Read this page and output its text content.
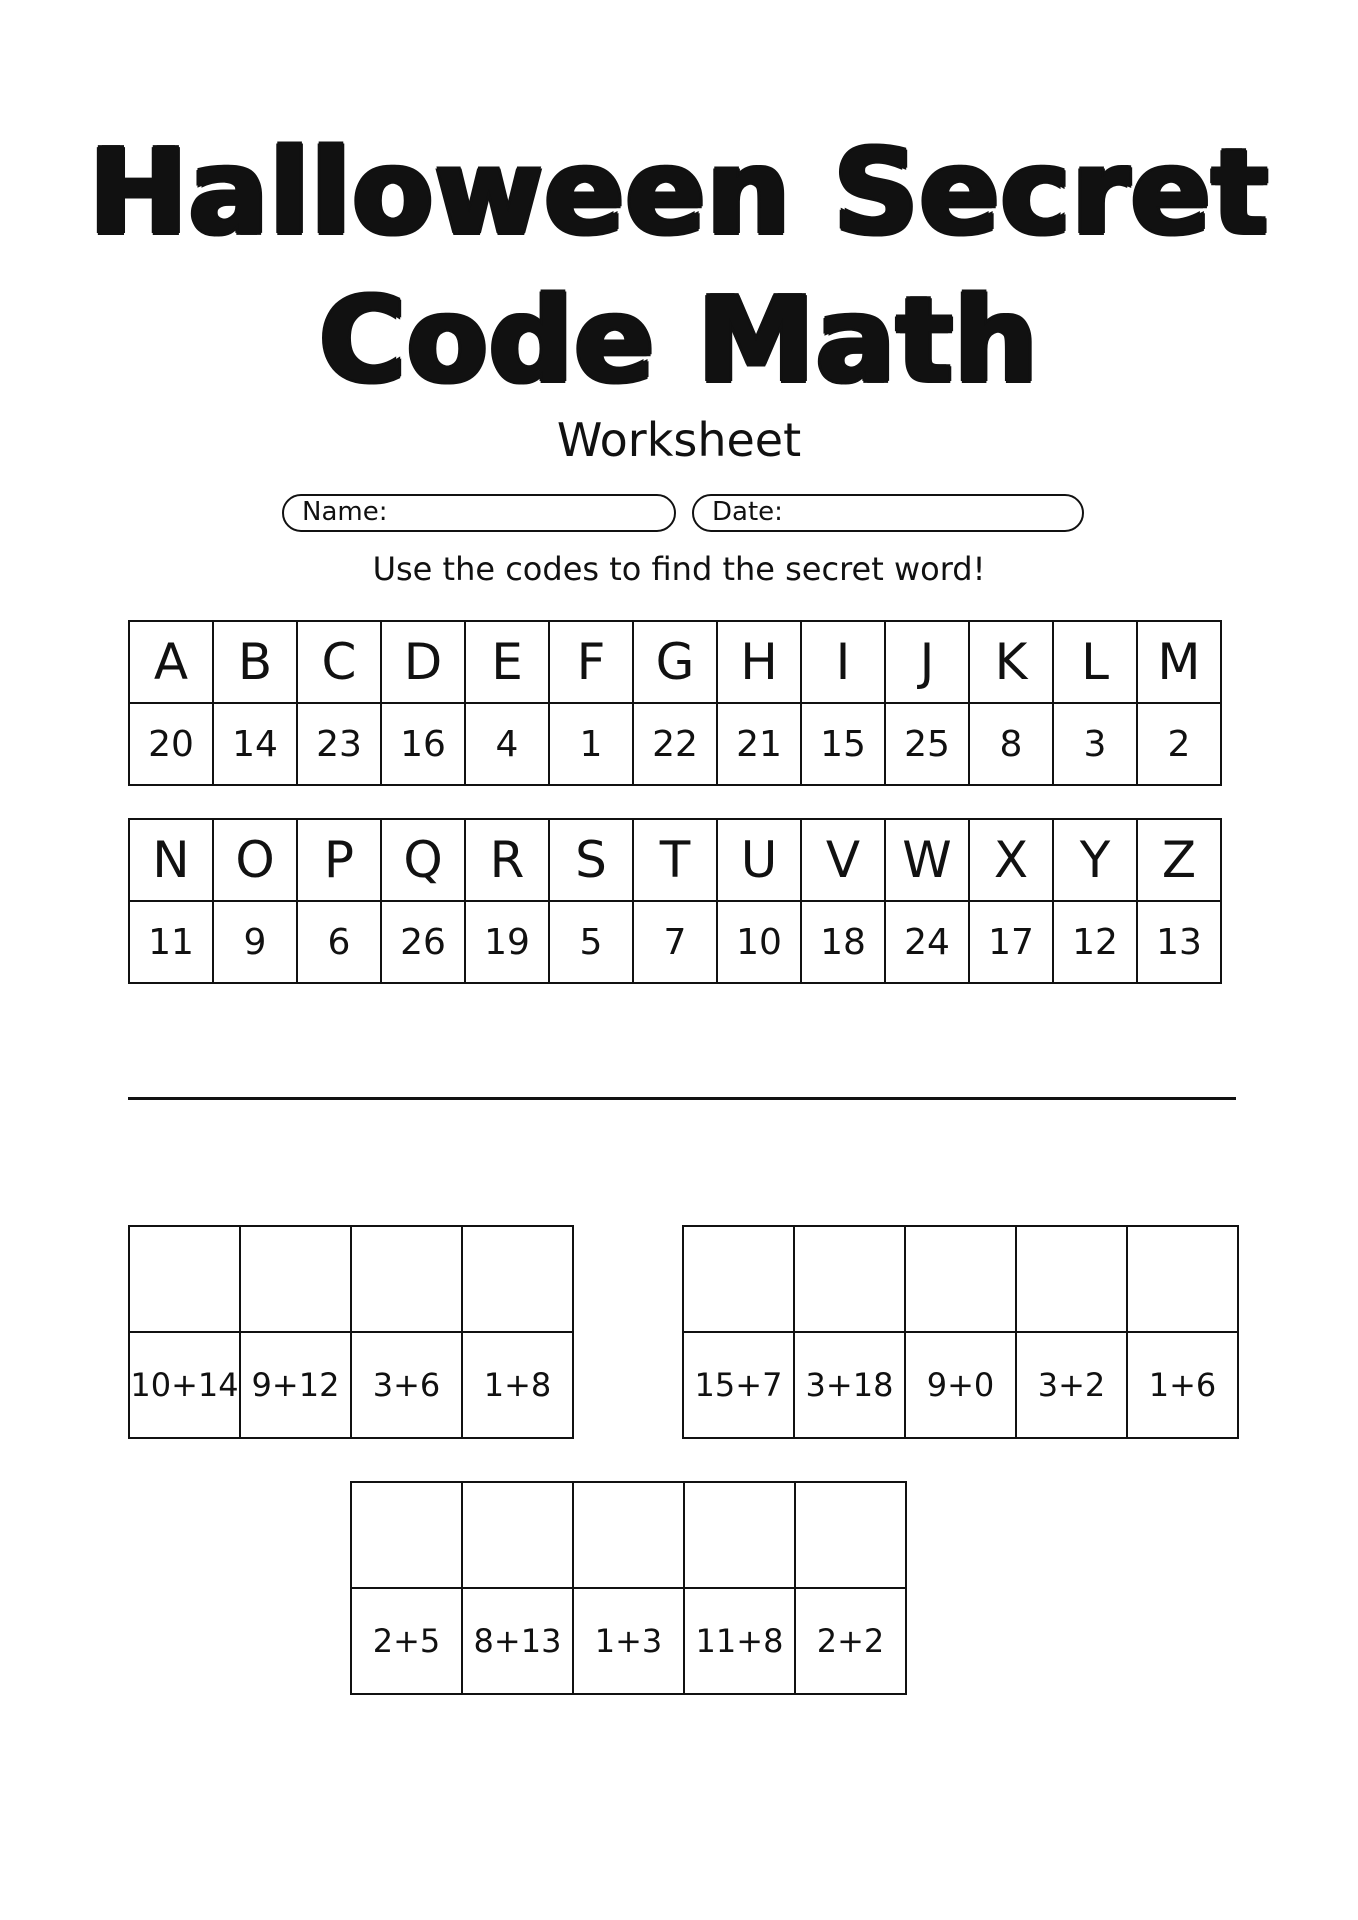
Halloween Secret
Code Math
Worksheet
Name:	Date:
Use the codes to find the secret word!
A	B	C	D	E	F	G	H	I	J	K	L	M
20	14	23	16	4	1	22	21	15	25	8	3	2
N	O	P	Q	R	S	T	U	V	W	X	Y	Z
11	9	6	26	19	5	7	10	18	24	17	12	13

10+14	9+12	3+6	1+8
					15+7	3+18	9+0	3+2	1+6

2+5	8+13	1+3	11+8	2+2
